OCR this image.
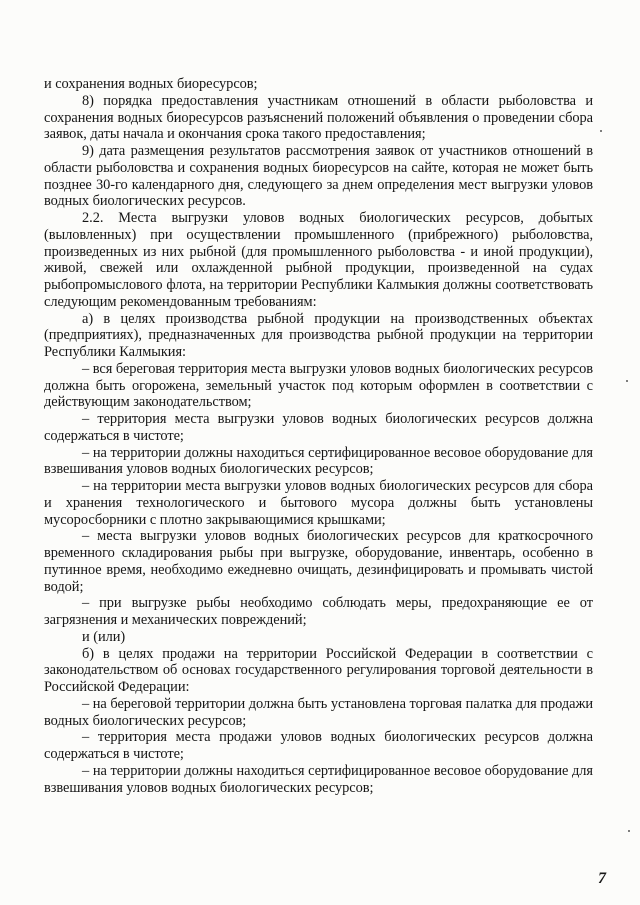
и сохранения водных биоресурсов;

8) порядка предоставления участникам отношений в области рыболовства и сохранения водных биоресурсов разъяснений положений объявления о проведении сбора заявок, даты начала и окончания срока такого предоставления;

9) дата размещения результатов рассмотрения заявок от участников отношений в области рыболовства и сохранения водных биоресурсов на сайте, которая не может быть позднее 30-го календарного дня, следующего за днем определения мест выгрузки уловов водных биологических ресурсов.

2.2. Места выгрузки уловов водных биологических ресурсов, добытых (выловленных) при осуществлении промышленного (прибрежного) рыболовства, произведенных из них рыбной (для промышленного рыболовства - и иной продукции), живой, свежей или охлажденной рыбной продукции, произведенной на судах рыбопромыслового флота, на территории Республики Калмыкия должны соответствовать следующим рекомендованным требованиям:

а) в целях производства рыбной продукции на производственных объектах (предприятиях), предназначенных для производства рыбной продукции на территории Республики Калмыкия:

– вся береговая территория места выгрузки уловов водных биологических ресурсов должна быть огорожена, земельный участок под которым оформлен в соответствии с действующим законодательством;

– территория места выгрузки уловов водных биологических ресурсов должна содержаться в чистоте;

– на территории должны находиться сертифицированное весовое оборудование для взвешивания уловов водных биологических ресурсов;

– на территории места выгрузки уловов водных биологических ресурсов для сбора и хранения технологического и бытового мусора должны быть установлены мусоросборники с плотно закрывающимися крышками;

– места выгрузки уловов водных биологических ресурсов для краткосрочного временного складирования рыбы при выгрузке, оборудование, инвентарь, особенно в путинное время, необходимо ежедневно очищать, дезинфицировать и промывать чистой водой;

– при выгрузке рыбы необходимо соблюдать меры, предохраняющие ее от загрязнения и механических повреждений;

и (или)

б) в целях продажи на территории Российской Федерации в соответствии с законодательством об основах государственного регулирования торговой деятельности в Российской Федерации:

– на береговой территории должна быть установлена торговая палатка для продажи водных биологических ресурсов;

– территория места продажи уловов водных биологических ресурсов должна содержаться в чистоте;

– на территории должны находиться сертифицированное весовое оборудование для взвешивания уловов водных биологических ресурсов;

7
